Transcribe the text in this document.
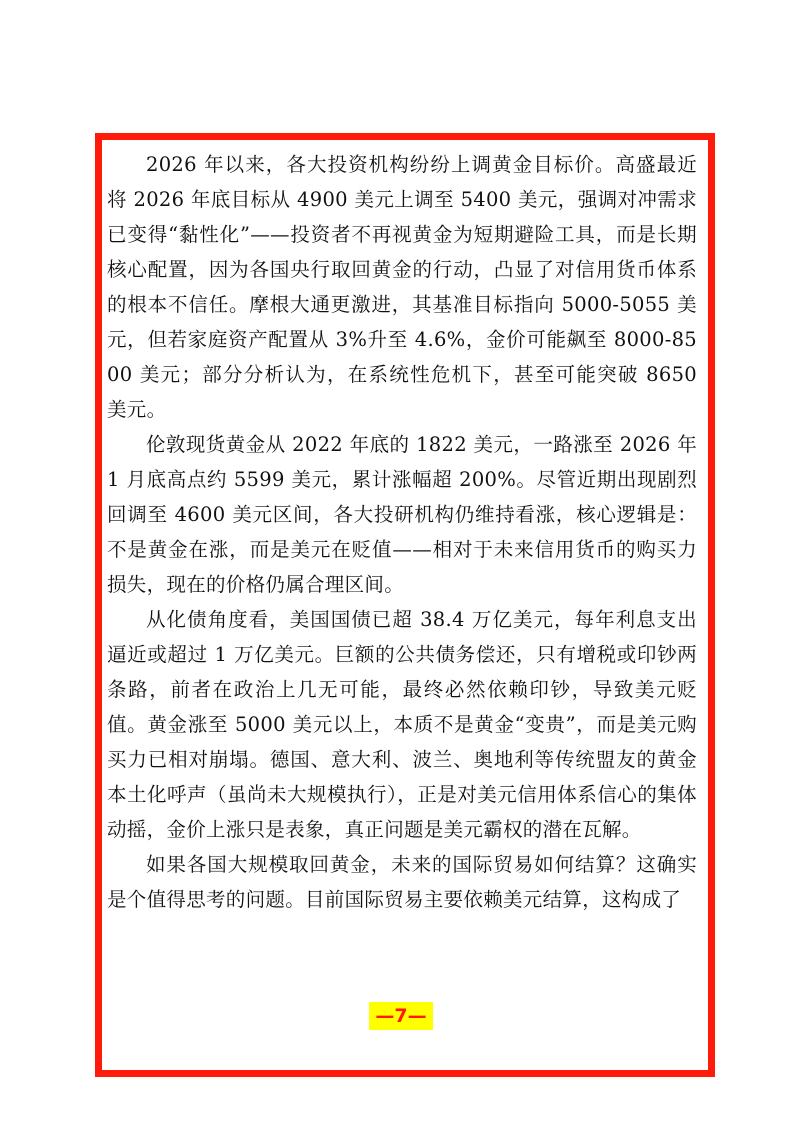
2026 年以来，各大投资机构纷纷上调黄金目标价。高盛最近将 2026 年底目标从 4900 美元上调至 5400 美元，强调对冲需求已变得“黏性化”——投资者不再视黄金为短期避险工具，而是长期核心配置，因为各国央行取回黄金的行动，凸显了对信用货币体系的根本不信任。摩根大通更激进，其基准目标指向 5000-5055 美元，但若家庭资产配置从 3%升至 4.6%，金价可能飙至 8000-8500 美元；部分分析认为，在系统性危机下，甚至可能突破 8650 美元。

伦敦现货黄金从 2022 年底的 1822 美元，一路涨至 2026 年 1 月底高点约 5599 美元，累计涨幅超 200%。尽管近期出现剧烈回调至 4600 美元区间，各大投研机构仍维持看涨，核心逻辑是：不是黄金在涨，而是美元在贬值——相对于未来信用货币的购买力损失，现在的价格仍属合理区间。

从化债角度看，美国国债已超 38.4 万亿美元，每年利息支出逼近或超过 1 万亿美元。巨额的公共债务偿还，只有增税或印钞两条路，前者在政治上几无可能，最终必然依赖印钞，导致美元贬值。黄金涨至 5000 美元以上，本质不是黄金“变贵”，而是美元购买力已相对崩塌。德国、意大利、波兰、奥地利等传统盟友的黄金本土化呼声（虽尚未大规模执行），正是对美元信用体系信心的集体动摇，金价上涨只是表象，真正问题是美元霸权的潜在瓦解。

如果各国大规模取回黄金，未来的国际贸易如何结算？这确实是个值得思考的问题。目前国际贸易主要依赖美元结算，这构成了

—7—
